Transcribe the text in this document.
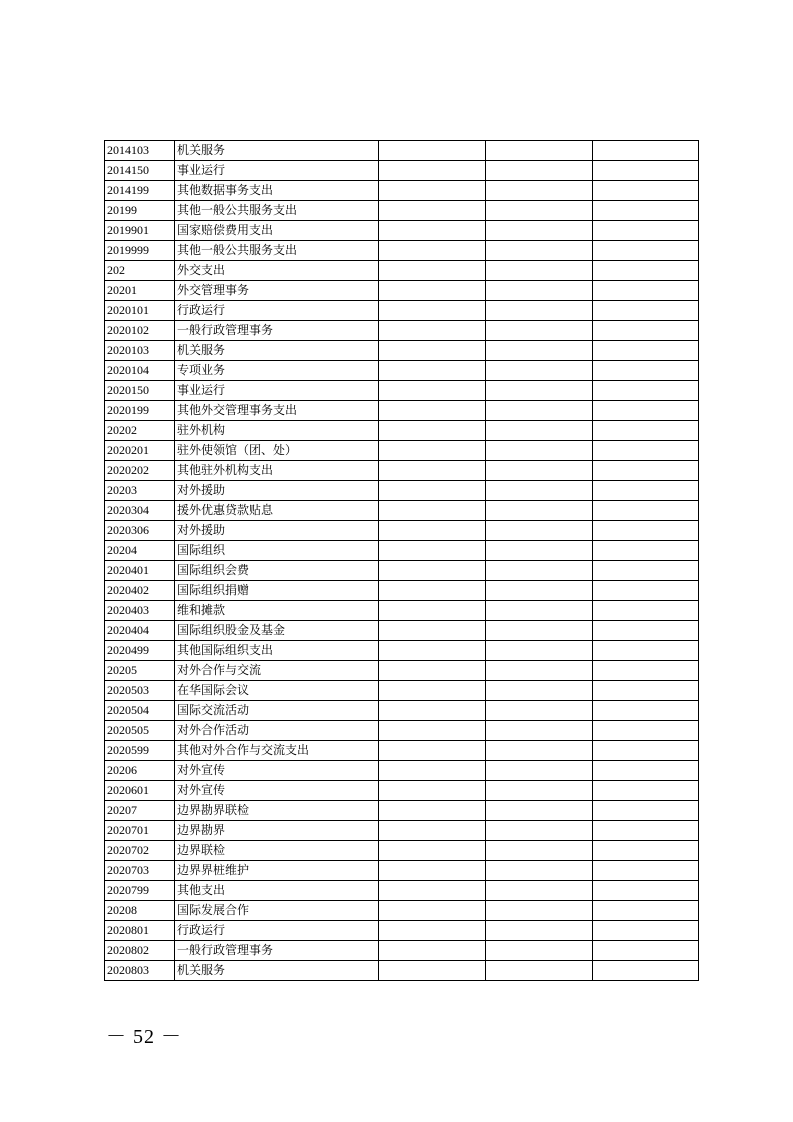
2014103	机关服务			
2014150	事业运行			
2014199	其他数据事务支出			
20199	其他一般公共服务支出			
2019901	国家赔偿费用支出			
2019999	其他一般公共服务支出			
202	外交支出			
20201	外交管理事务			
2020101	行政运行			
2020102	一般行政管理事务			
2020103	机关服务			
2020104	专项业务			
2020150	事业运行			
2020199	其他外交管理事务支出			
20202	驻外机构			
2020201	驻外使领馆（团、处）			
2020202	其他驻外机构支出			
20203	对外援助			
2020304	援外优惠贷款贴息			
2020306	对外援助			
20204	国际组织			
2020401	国际组织会费			
2020402	国际组织捐赠			
2020403	维和摊款			
2020404	国际组织股金及基金			
2020499	其他国际组织支出			
20205	对外合作与交流			
2020503	在华国际会议			
2020504	国际交流活动			
2020505	对外合作活动			
2020599	其他对外合作与交流支出			
20206	对外宣传			
2020601	对外宣传			
20207	边界勘界联检			
2020701	边界勘界			
2020702	边界联检			
2020703	边界界桩维护			
2020799	其他支出			
20208	国际发展合作			
2020801	行政运行			
2020802	一般行政管理事务			
2020803	机关服务			
－ 52 －
